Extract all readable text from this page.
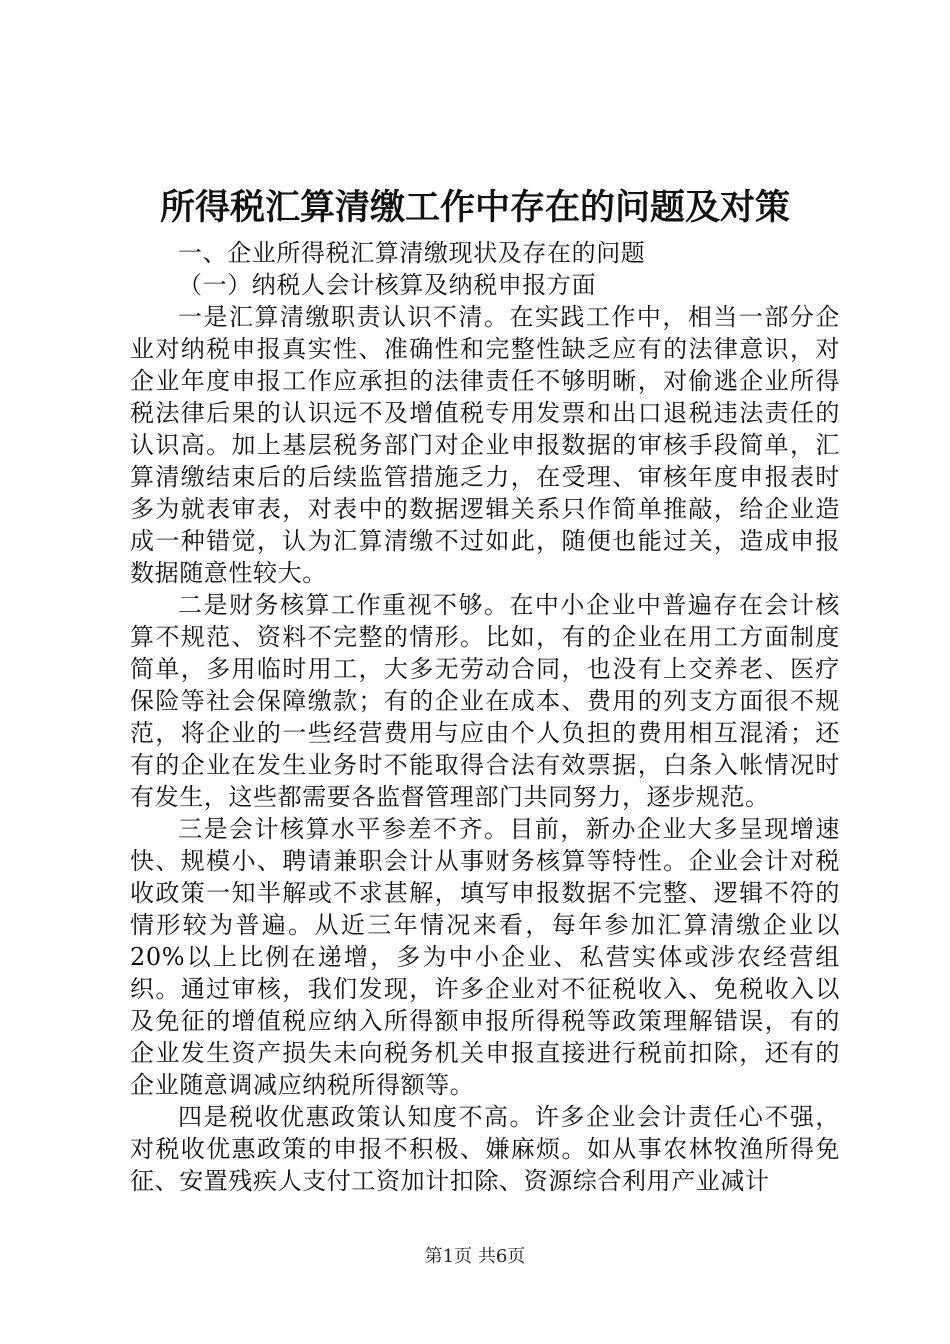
所得税汇算清缴工作中存在的问题及对策

一、企业所得税汇算清缴现状及存在的问题

（一）纳税人会计核算及纳税申报方面

一是汇算清缴职责认识不清。在实践工作中，相当一部分企业对纳税申报真实性、准确性和完整性缺乏应有的法律意识，对企业年度申报工作应承担的法律责任不够明晰，对偷逃企业所得税法律后果的认识远不及增值税专用发票和出口退税违法责任的认识高。加上基层税务部门对企业申报数据的审核手段简单，汇算清缴结束后的后续监管措施乏力，在受理、审核年度申报表时多为就表审表，对表中的数据逻辑关系只作简单推敲，给企业造成一种错觉，认为汇算清缴不过如此，随便也能过关，造成申报数据随意性较大。

二是财务核算工作重视不够。在中小企业中普遍存在会计核算不规范、资料不完整的情形。比如，有的企业在用工方面制度简单，多用临时用工，大多无劳动合同，也没有上交养老、医疗保险等社会保障缴款；有的企业在成本、费用的列支方面很不规范，将企业的一些经营费用与应由个人负担的费用相互混淆；还有的企业在发生业务时不能取得合法有效票据，白条入帐情况时有发生，这些都需要各监督管理部门共同努力，逐步规范。

三是会计核算水平参差不齐。目前，新办企业大多呈现增速快、规模小、聘请兼职会计从事财务核算等特性。企业会计对税收政策一知半解或不求甚解，填写申报数据不完整、逻辑不符的情形较为普遍。从近三年情况来看，每年参加汇算清缴企业以20%以上比例在递增，多为中小企业、私营实体或涉农经营组织。通过审核，我们发现，许多企业对不征税收入、免税收入以及免征的增值税应纳入所得额申报所得税等政策理解错误，有的企业发生资产损失未向税务机关申报直接进行税前扣除，还有的企业随意调减应纳税所得额等。

四是税收优惠政策认知度不高。许多企业会计责任心不强，对税收优惠政策的申报不积极、嫌麻烦。如从事农林牧渔所得免征、安置残疾人支付工资加计扣除、资源综合利用产业减计

第1页 共6页
